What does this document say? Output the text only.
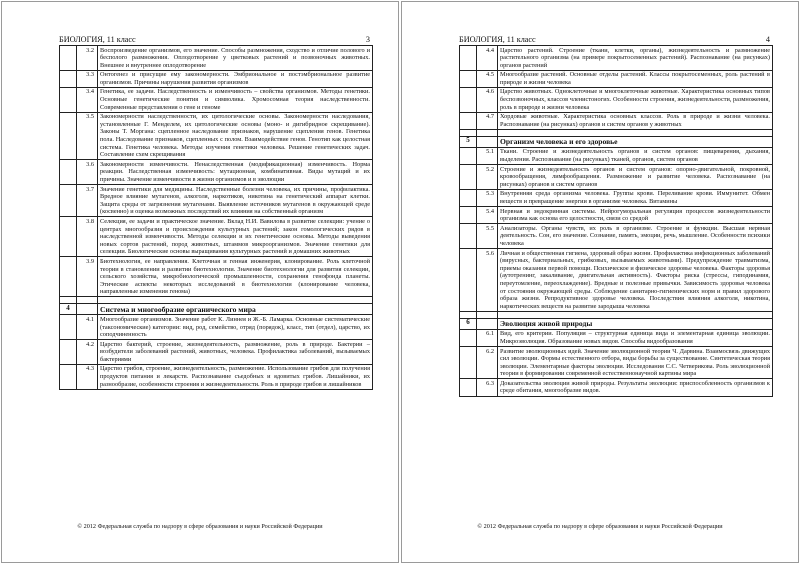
БИОЛОГИЯ, 11 класс	3
	3.2	Воспроизведение организмов, его значение. Способы размножения, сходство и отличие полового и бесполого размножения. Оплодотворение у цветковых растений и позвоночных животных. Внешнее и внутреннее оплодотворение
	3.3	Онтогенез и присущие ему закономерности. Эмбриональное и постэмбриональное развитие организмов. Причины нарушения развития организмов
	3.4	Генетика, ее задачи. Наследственность и изменчивость – свойства организмов. Методы генетики. Основные генетические понятия и символика. Хромосомная теория наследственности. Современные представления о гене и геноме
	3.5	Закономерности наследственности, их цитологические основы. Закономерности наследования, установленные Г. Менделем, их цитологические основы (моно- и дигибридное скрещивание). Законы Т. Моргана: сцепленное наследование признаков, нарушение сцепления генов. Генетика пола. Наследование признаков, сцепленных с полом. Взаимодействие генов. Генотип как целостная система. Генетика человека. Методы изучения генетики человека. Решение генетических задач. Составление схем скрещивания
	3.6	Закономерности изменчивости. Ненаследственная (модификационная) изменчивость. Норма реакции. Наследственная изменчивость: мутационная, комбинативная. Виды мутаций и их причины. Значение изменчивости в жизни организмов и в эволюции
	3.7	Значение генетики для медицины. Наследственные болезни человека, их причины, профилактика. Вредное влияние мутагенов, алкоголя, наркотиков, никотина на генетический аппарат клетки. Защита среды от загрязнения мутагенами. Выявление источников мутагенов в окружающей среде (косвенно) и оценка возможных последствий их влияния на собственный организм
	3.8	Селекция, ее задачи и практическое значение. Вклад Н.И. Вавилова в развитие селекции: учение о центрах многообразия и происхождения культурных растений; закон гомологических рядов в наследственной изменчивости. Методы селекции и их генетические основы. Методы выведения новых сортов растений, пород животных, штаммов микроорганизмов. Значение генетики для селекции. Биологические основы выращивания культурных растений и домашних животных
	3.9	Биотехнология, ее направления. Клеточная и генная инженерия, клонирование. Роль клеточной теории в становлении и развитии биотехнологии. Значение биотехнологии для развития селекции, сельского хозяйства, микробиологической промышленности, сохранения генофонда планеты. Этические аспекты некоторых исследований в биотехнологии (клонирование человека, направленные изменения генома)

4		Система и многообразие органического мира
	4.1	Многообразие организмов. Значение работ К. Линнея и Ж.-Б. Ламарка. Основные систематические (таксономические) категории: вид, род, семейство, отряд (порядок), класс, тип (отдел), царство, их соподчиненность
	4.2	Царство бактерий, строение, жизнедеятельность, размножение, роль в природе. Бактерии – возбудители заболеваний растений, животных, человека. Профилактика заболеваний, вызываемых бактериями
	4.3	Царство грибов, строение, жизнедеятельность, размножение. Использование грибов для получения продуктов питания и лекарств. Распознавание съедобных и ядовитых грибов. Лишайники, их разнообразие, особенности строения и жизнедеятельности. Роль в природе грибов и лишайников
© 2012 Федеральная служба по надзору в сфере образования и науки Российской Федерации
БИОЛОГИЯ, 11 класс	4
	4.4	Царство растений. Строение (ткани, клетки, органы), жизнедеятельность и размножение растительного организма (на примере покрытосеменных растений). Распознавание (на рисунках) органов растений
	4.5	Многообразие растений. Основные отделы растений. Классы покрытосеменных, роль растений в природе и жизни человека
	4.6	Царство животных. Одноклеточные и многоклеточные животные. Характеристика основных типов беспозвоночных, классов членистоногих. Особенности строения, жизнедеятельности, размножения, роль в природе и жизни человека
	4.7	Хордовые животные. Характеристика основных классов. Роль в природе и жизни человека. Распознавание (на рисунках) органов и систем органов у животных

5		Организм человека и его здоровье
	5.1	Ткани. Строение и жизнедеятельность органов и систем органов: пищеварения, дыхания, выделения. Распознавание (на рисунках) тканей, органов, систем органов
	5.2	Строение и жизнедеятельность органов и систем органов: опорно-двигательной, покровной, кровообращения, лимфообращения. Размножение и развитие человека. Распознавание (на рисунках) органов и систем органов
	5.3	Внутренняя среда организма человека. Группы крови. Переливание крови. Иммунитет. Обмен веществ и превращение энергии в организме человека. Витамины
	5.4	Нервная и эндокринная системы. Нейрогуморальная регуляция процессов жизнедеятельности организма как основа его целостности, связи со средой
	5.5	Анализаторы. Органы чувств, их роль в организме. Строение и функции. Высшая нервная деятельность. Сон, его значение. Сознание, память, эмоции, речь, мышление. Особенности психики человека
	5.6	Личная и общественная гигиена, здоровый образ жизни. Профилактика инфекционных заболеваний (вирусных, бактериальных, грибковых, вызываемых животными). Предупреждение травматизма, приемы оказания первой помощи. Психическое и физическое здоровье человека. Факторы здоровья (аутотренинг, закаливание, двигательная активность). Факторы риска (стрессы, гиподинамия, переутомление, переохлаждение). Вредные и полезные привычки. Зависимость здоровья человека от состояния окружающей среды. Соблюдение санитарно-гигиенических норм и правил здорового образа жизни. Репродуктивное здоровье человека. Последствия влияния алкоголя, никотина, наркотических веществ на развитие зародыша человека

6		Эволюция живой природы
	6.1	Вид, его критерии. Популяция – структурная единица вида и элементарная единица эволюции. Микроэволюция. Образование новых видов. Способы видообразования
	6.2	Развитие эволюционных идей. Значение эволюционной теории Ч. Дарвина. Взаимосвязь движущих сил эволюции. Формы естественного отбора, виды борьбы за существование. Синтетическая теория эволюции. Элементарные факторы эволюции. Исследования С.С. Четверикова. Роль эволюционной теории в формировании современной естественнонаучной картины мира
	6.3	Доказательства эволюции живой природы. Результаты эволюции: приспособленность организмов к среде обитания, многообразие видов.
© 2012 Федеральная служба по надзору в сфере образования и науки Российской Федерации
